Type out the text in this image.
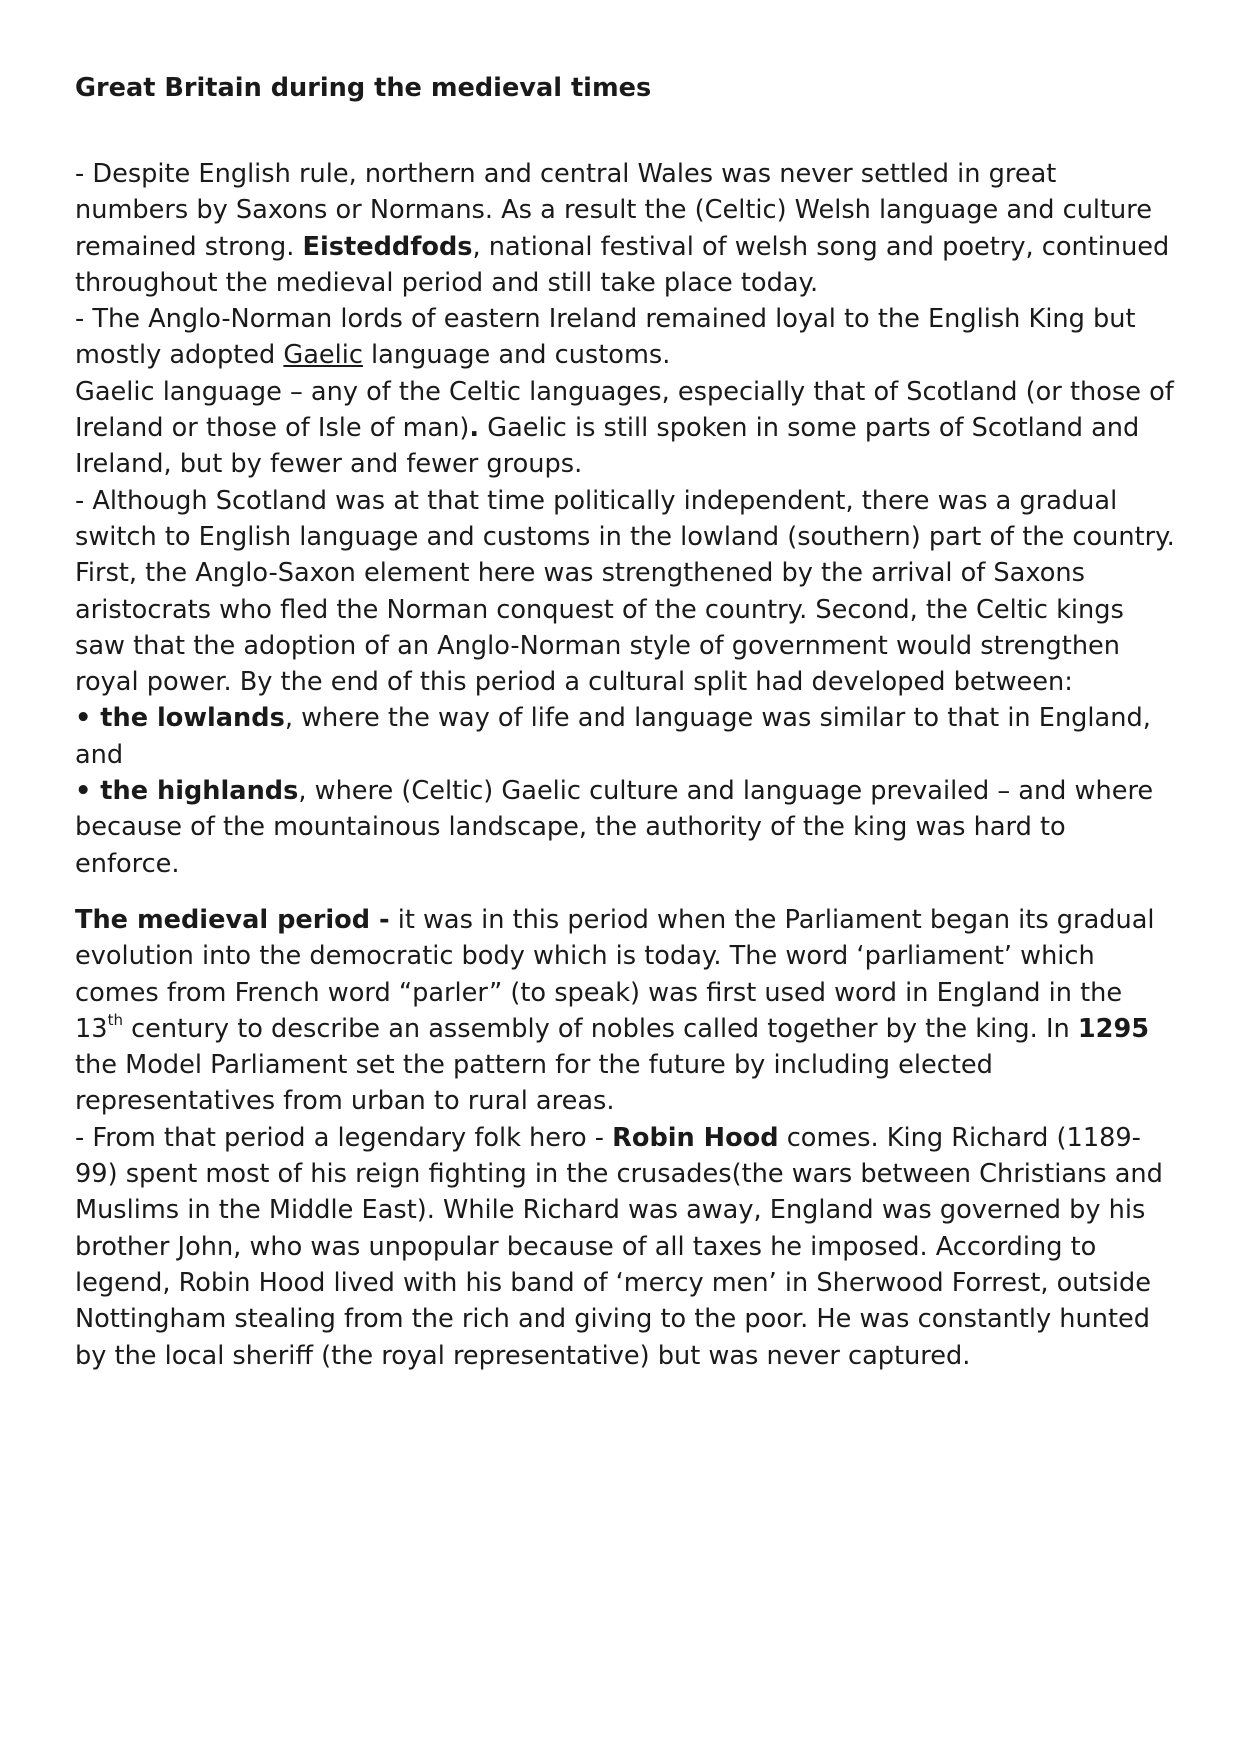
Great Britain during the medieval times

- Despite English rule, northern and central Wales was never settled in great numbers by Saxons or Normans. As a result the (Celtic) Welsh language and culture remained strong. Eisteddfods, national festival of welsh song and poetry, continued throughout the medieval period and still take place today.

- The Anglo-Norman lords of eastern Ireland remained loyal to the English King but mostly adopted Gaelic language and customs.

Gaelic language – any of the Celtic languages, especially that of Scotland (or those of Ireland or those of Isle of man). Gaelic is still spoken in some parts of Scotland and Ireland, but by fewer and fewer groups.

- Although Scotland was at that time politically independent, there was a gradual switch to English language and customs in the lowland (southern) part of the country. First, the Anglo-Saxon element here was strengthened by the arrival of Saxons aristocrats who fled the Norman conquest of the country. Second, the Celtic kings saw that the adoption of an Anglo-Norman style of government would strengthen royal power. By the end of this period a cultural split had developed between:

• the lowlands, where the way of life and language was similar to that in England, and

• the highlands, where (Celtic) Gaelic culture and language prevailed – and where because of the mountainous landscape, the authority of the king was hard to enforce.

The medieval period - it was in this period when the Parliament began its gradual evolution into the democratic body which is today. The word ‘parliament’ which comes from French word “parler” (to speak) was first used word in England in the 13th century to describe an assembly of nobles called together by the king. In 1295 the Model Parliament set the pattern for the future by including elected representatives from urban to rural areas.

- From that period a legendary folk hero - Robin Hood comes. King Richard (1189-99) spent most of his reign fighting in the crusades(the wars between Christians and Muslims in the Middle East). While Richard was away, England was governed by his brother John, who was unpopular because of all taxes he imposed. According to legend, Robin Hood lived with his band of ‘mercy men’ in Sherwood Forrest, outside Nottingham stealing from the rich and giving to the poor. He was constantly hunted by the local sheriff (the royal representative) but was never captured.
